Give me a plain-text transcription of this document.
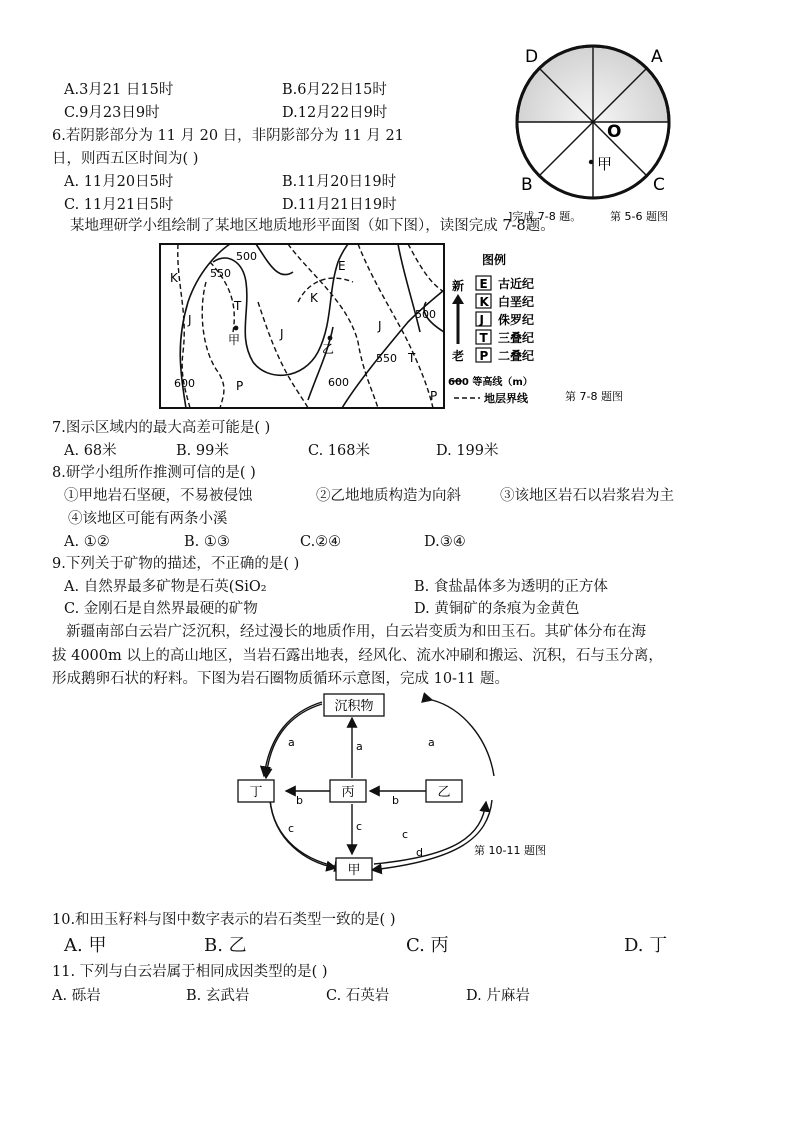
A.3月21 日15时	B.6月22日15时
C.9月23日9时	D.12月22日9时
6.若阴影部分为 11 月 20 日，非阴影部分为 11 月 21
日，则西五区时间为( )
A. 11月20日5时	B.11月20日19时
C. 11月21日5时	D.11月21日19时
D	A
B	C
O
甲
]完成 7-8 题。	第 5-6 题图
某地理研学小组绘制了某地区地质地形平面图（如下图），读图完成 7-8题。
500
550
500
550
600	600
K
E
T
J
K
J
J
T
P
P
甲
乙
图例
新
老
E 古近纪
K 白垩纪
J 侏罗纪
T 三叠纪
P 二叠纪
600 等高线（m）
地层界线	第 7-8 题图
7.图示区域内的最大高差可能是( )
A. 68米	B. 99米	C. 168米	D. 199米
8.研学小组所作推测可信的是( )
①甲地岩石坚硬，不易被侵蚀	②乙地地质构造为向斜	③该地区岩石以岩浆岩为主
④该地区可能有两条小溪
A. ①②	B. ①③	C.②④	D.③④
9.下列关于矿物的描述，不正确的是( )
A. 自然界最多矿物是石英(SiO₂	B. 食盐晶体多为透明的正方体
C. 金刚石是自然界最硬的矿物	D. 黄铜矿的条痕为金黄色
新疆南部白云岩广泛沉积，经过漫长的地质作用，白云岩变质为和田玉石。其矿体分布在海
拔 4000m 以上的高山地区，当岩石露出地表，经风化、流水冲刷和搬运、沉积，石与玉分离，
形成鹅卵石状的籽料。下图为岩石圈物质循环示意图，完成 10-11 题。
沉积物
丁	丙	乙
甲
a	a	a
b	b
c	c
c
d	第 10-11 题图
10.和田玉籽料与图中数字表示的岩石类型一致的是( )
A. 甲	B. 乙	C. 丙	D. 丁
11. 下列与白云岩属于相同成因类型的是( )
A. 砾岩	B. 玄武岩	C. 石英岩	D. 片麻岩
